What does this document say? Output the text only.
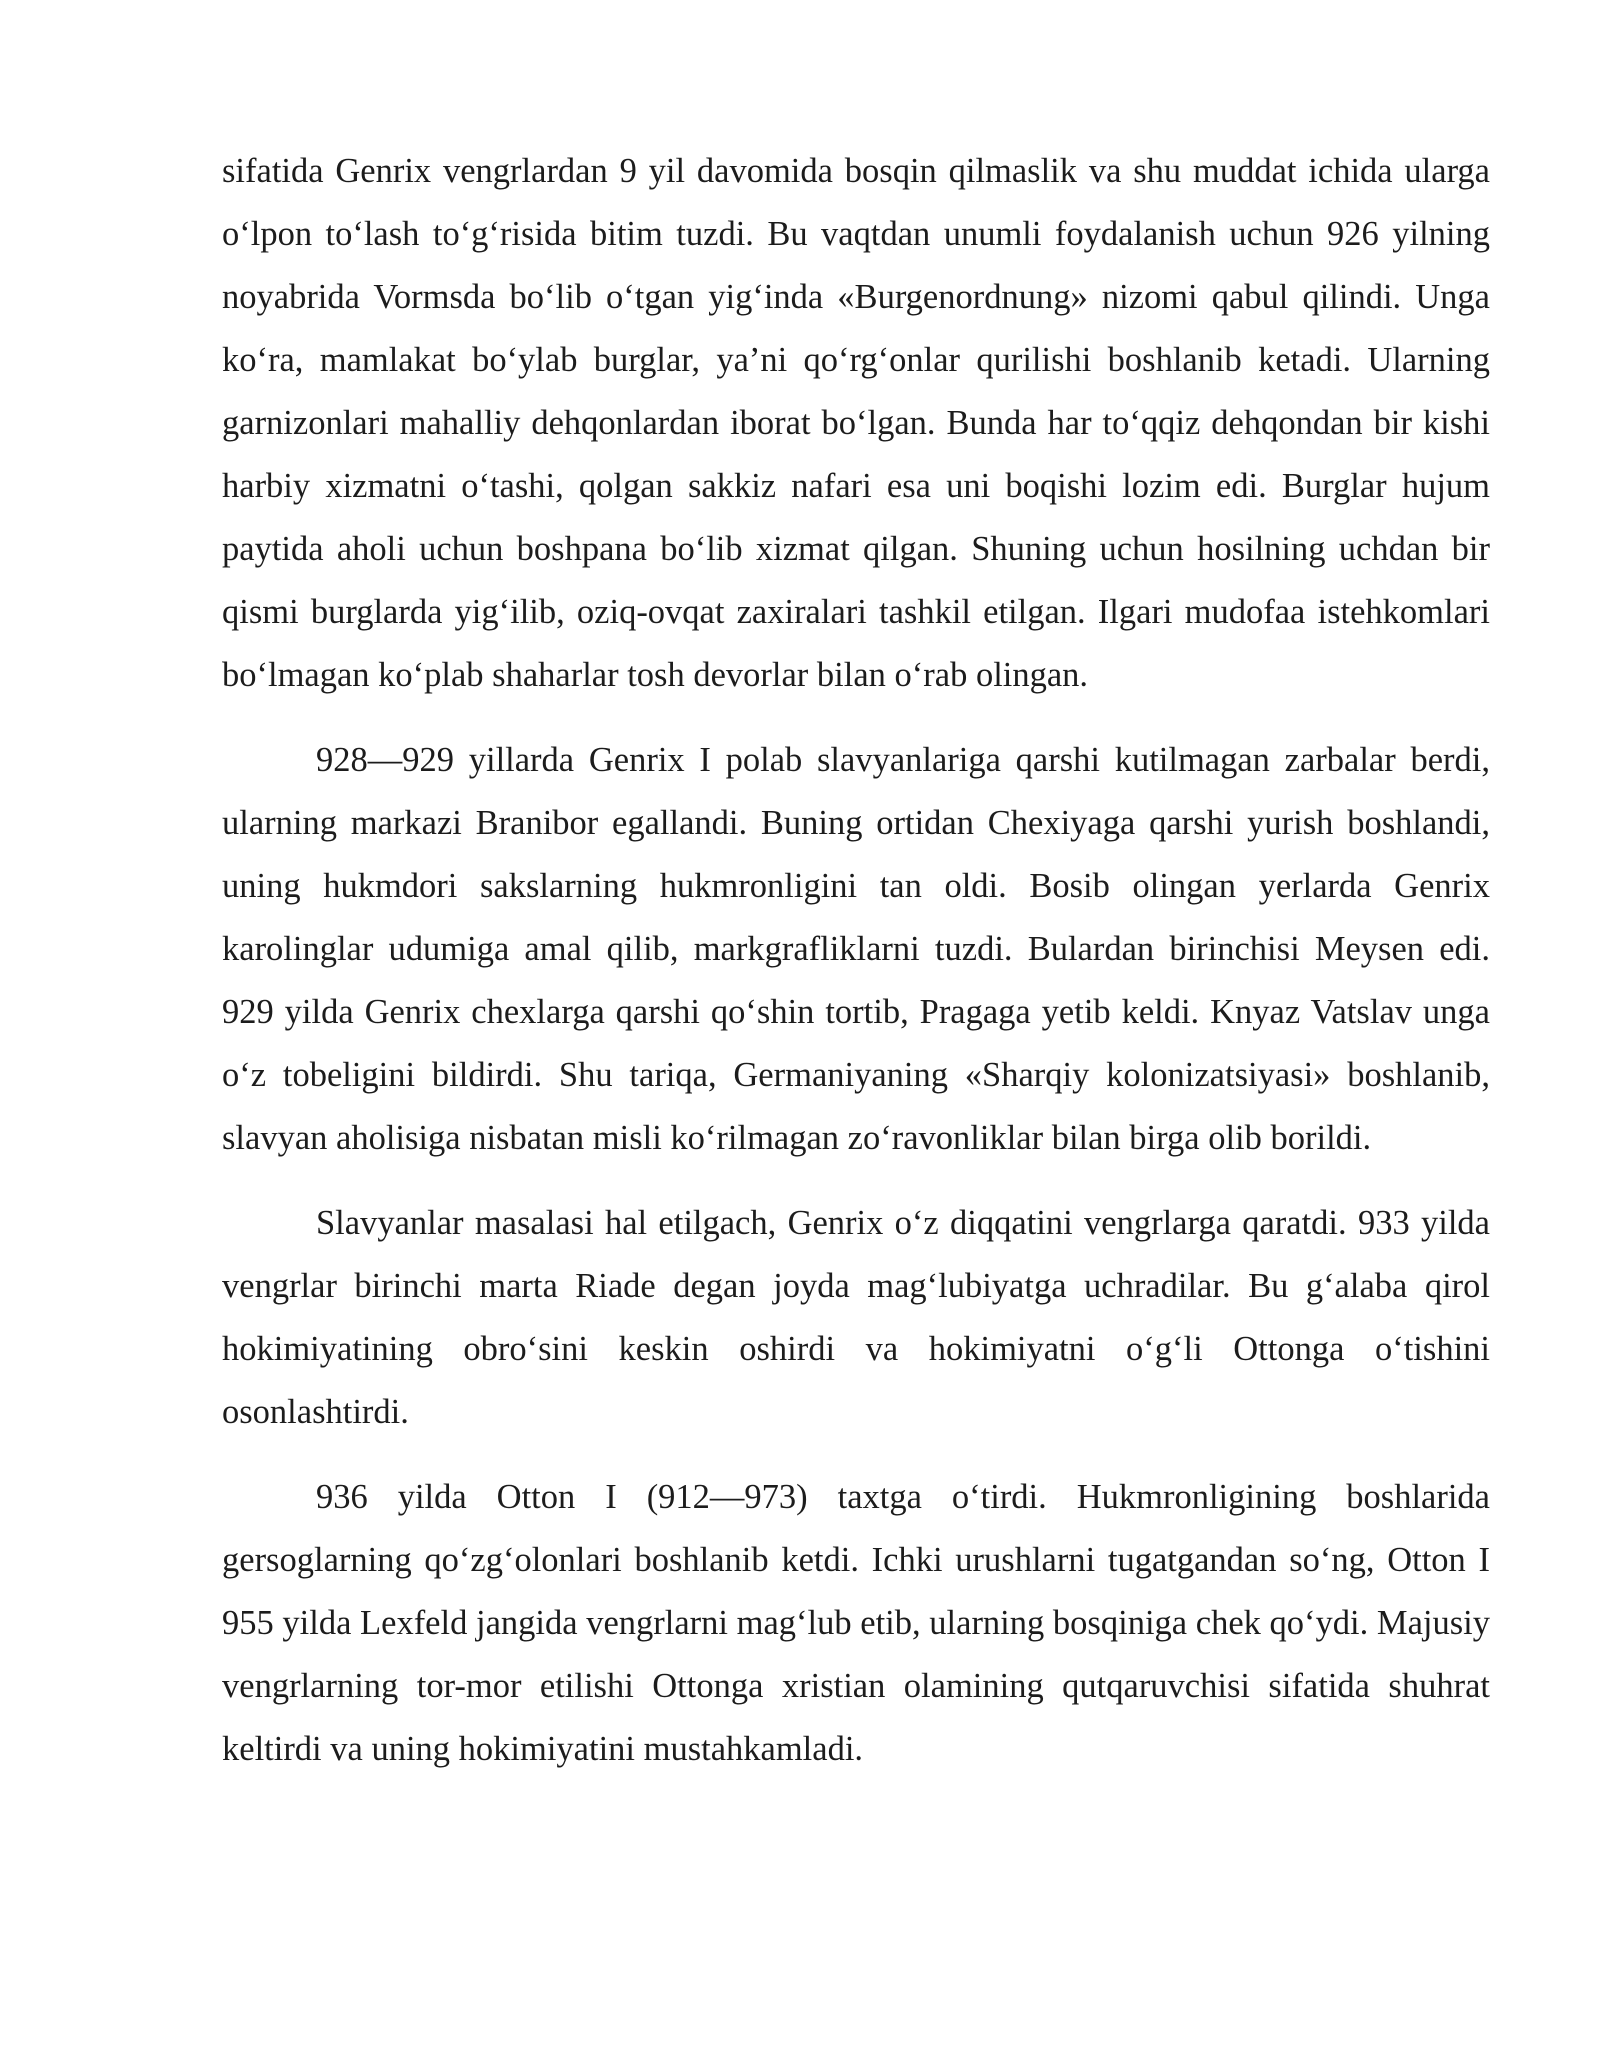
sifatida Genrix vengrlardan 9 yil davomida bosqin qilmaslik va shu muddat ichida ularga o‘lpon to‘lash to‘g‘risida bitim tuzdi. Bu vaqtdan unumli foydalanish uchun 926 yilning noyabrida Vormsda bo‘lib o‘tgan yig‘inda «Burgenordnung» nizomi qabul qilindi. Unga ko‘ra, mamlakat bo‘ylab burglar, ya’ni qo‘rg‘onlar qurilishi boshlanib ketadi. Ularning garnizonlari mahalliy dehqonlardan iborat bo‘lgan. Bunda har to‘qqiz dehqondan bir kishi harbiy xizmatni o‘tashi, qolgan sakkiz nafari esa uni boqishi lozim edi. Burglar hujum paytida aholi uchun boshpana bo‘lib xizmat qilgan. Shuning uchun hosilning uchdan bir qismi burglarda yig‘ilib, oziq-ovqat zaxiralari tashkil etilgan. Ilgari mudofaa istehkomlari bo‘lmagan ko‘plab shaharlar tosh devorlar bilan o‘rab olingan.

928—929 yillarda Genrix I polab slavyanlariga qarshi kutilmagan zarbalar berdi, ularning markazi Branibor egallandi. Buning ortidan Chexiyaga qarshi yurish boshlandi, uning hukmdori sakslarning hukmronligini tan oldi. Bosib olingan yerlarda Genrix karolinglar udumiga amal qilib, markgrafliklarni tuzdi. Bulardan birinchisi Meysen edi. 929 yilda Genrix chexlarga qarshi qo‘shin tortib, Pragaga yetib keldi. Knyaz Vatslav unga o‘z tobeligini bildirdi. Shu tariqa, Germaniyaning «Sharqiy kolonizatsiyasi» boshlanib, slavyan aholisiga nisbatan misli ko‘rilmagan zo‘ravonliklar bilan birga olib borildi.

Slavyanlar masalasi hal etilgach, Genrix o‘z diqqatini vengrlarga qaratdi. 933 yilda vengrlar birinchi marta Riade degan joyda mag‘lubiyatga uchradilar. Bu g‘alaba qirol hokimiyatining obro‘sini keskin oshirdi va hokimiyatni o‘g‘li Ottonga o‘tishini osonlashtirdi.

936 yilda Otton I (912—973) taxtga o‘tirdi. Hukmronligining boshlarida gersoglarning qo‘zg‘olonlari boshlanib ketdi. Ichki urushlarni tugatgandan so‘ng, Otton I 955 yilda Lexfeld jangida vengrlarni mag‘lub etib, ularning bosqiniga chek qo‘ydi. Majusiy vengrlarning tor-mor etilishi Ottonga xristian olamining qutqaruvchisi sifatida shuhrat keltirdi va uning hokimiyatini mustahkamladi.
